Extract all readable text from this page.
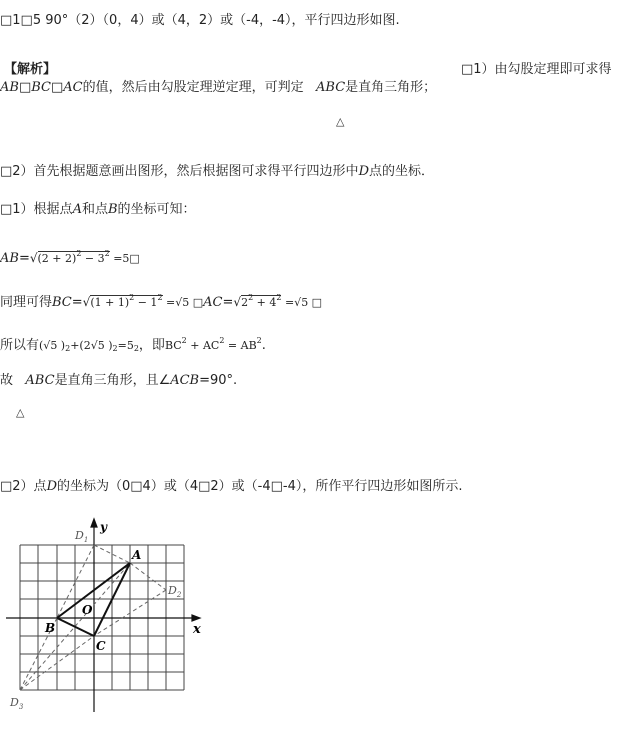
□1□5 90°（2）（0，4）或（4，2）或（-4，-4），平行四边形如图.
【解析】	□1）由勾股定理即可求得
AB□BC□AC的值，然后由勾股定理逆定理，可判定 ABC是直角三角形；
△
□2）首先根据题意画出图形，然后根据图可求得平行四边形中D点的坐标．
□1）根据点A和点B的坐标可知：
$AB=√(2 + 2)^2 - 3^2$ =5□
同理可得$BC=√(1 + 1)^2 - 1^2 =√5$ $□AC=√2^2 + 4^2 =√5$ □
所以有(√5 )$_2+(2√5$ )$_2=5_2$，即$BC^2 + AC^2 = AB^2$.
故 ABC是直角三角形，且∠ACB=90°.
△
□2）点D的坐标为（0□4）或（4□2）或（-4□-4），所作平行四边形如图所示.
y
x
O
A
B
C
$D_1$
$D_2$
$D_3$
